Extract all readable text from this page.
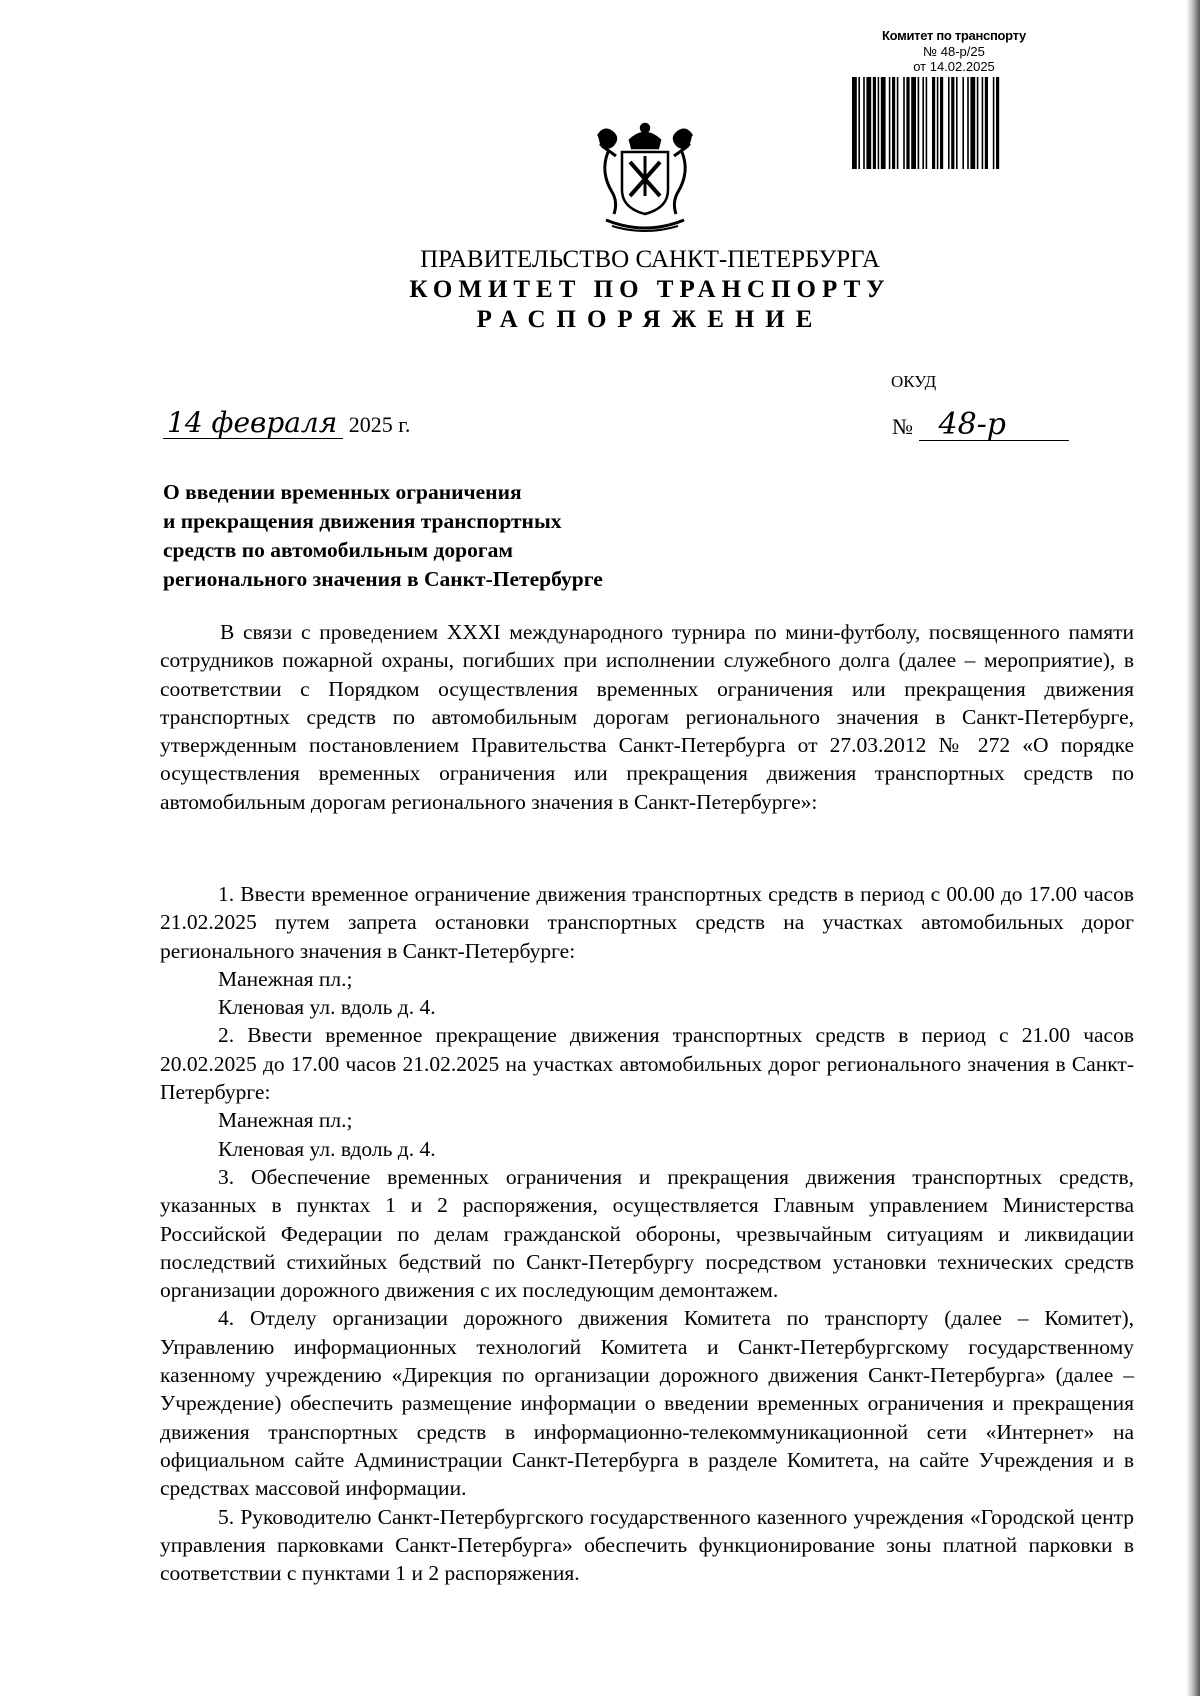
Комитет по транспорту
№ 48-р/25
от 14.02.2025
ПРАВИТЕЛЬСТВО САНКТ-ПЕТЕРБУРГА
КОМИТЕТ ПО ТРАНСПОРТУ
РАСПОРЯЖЕНИЕ
ОКУД
14 февраля 2025 г.	№ 48-р
О введении временных ограничения
и прекращения движения транспортных
средств по автомобильным дорогам
регионального значения в Санкт-Петербурге
В связи с проведением XXXI международного турнира по мини-футболу, посвященного памяти сотрудников пожарной охраны, погибших при исполнении служебного долга (далее – мероприятие), в соответствии с Порядком осуществления временных ограничения или прекращения движения транспортных средств по автомобильным дорогам регионального значения в Санкт-Петербурге, утвержденным постановлением Правительства Санкт-Петербурга от 27.03.2012 № 272 «О порядке осуществления временных ограничения или прекращения движения транспортных средств по автомобильным дорогам регионального значения в Санкт-Петербурге»:

1. Ввести временное ограничение движения транспортных средств в период с 00.00 до 17.00 часов 21.02.2025 путем запрета остановки транспортных средств на участках автомобильных дорог регионального значения в Санкт-Петербурге:

Манежная пл.;

Кленовая ул. вдоль д. 4.

2. Ввести временное прекращение движения транспортных средств в период с 21.00 часов 20.02.2025 до 17.00 часов 21.02.2025 на участках автомобильных дорог регионального значения в Санкт-Петербурге:

Манежная пл.;

Кленовая ул. вдоль д. 4.

3. Обеспечение временных ограничения и прекращения движения транспортных средств, указанных в пунктах 1 и 2 распоряжения, осуществляется Главным управлением Министерства Российской Федерации по делам гражданской обороны, чрезвычайным ситуациям и ликвидации последствий стихийных бедствий по Санкт-Петербургу посредством установки технических средств организации дорожного движения с их последующим демонтажем.

4. Отделу организации дорожного движения Комитета по транспорту (далее – Комитет), Управлению информационных технологий Комитета и Санкт-Петербургскому государственному казенному учреждению «Дирекция по организации дорожного движения Санкт-Петербурга» (далее – Учреждение) обеспечить размещение информации о введении временных ограничения и прекращения движения транспортных средств в информационно-телекоммуникационной сети «Интернет» на официальном сайте Администрации Санкт-Петербурга в разделе Комитета, на сайте Учреждения и в средствах массовой информации.

5. Руководителю Санкт-Петербургского государственного казенного учреждения «Городской центр управления парковками Санкт-Петербурга» обеспечить функционирование зоны платной парковки в соответствии с пунктами 1 и 2 распоряжения.
